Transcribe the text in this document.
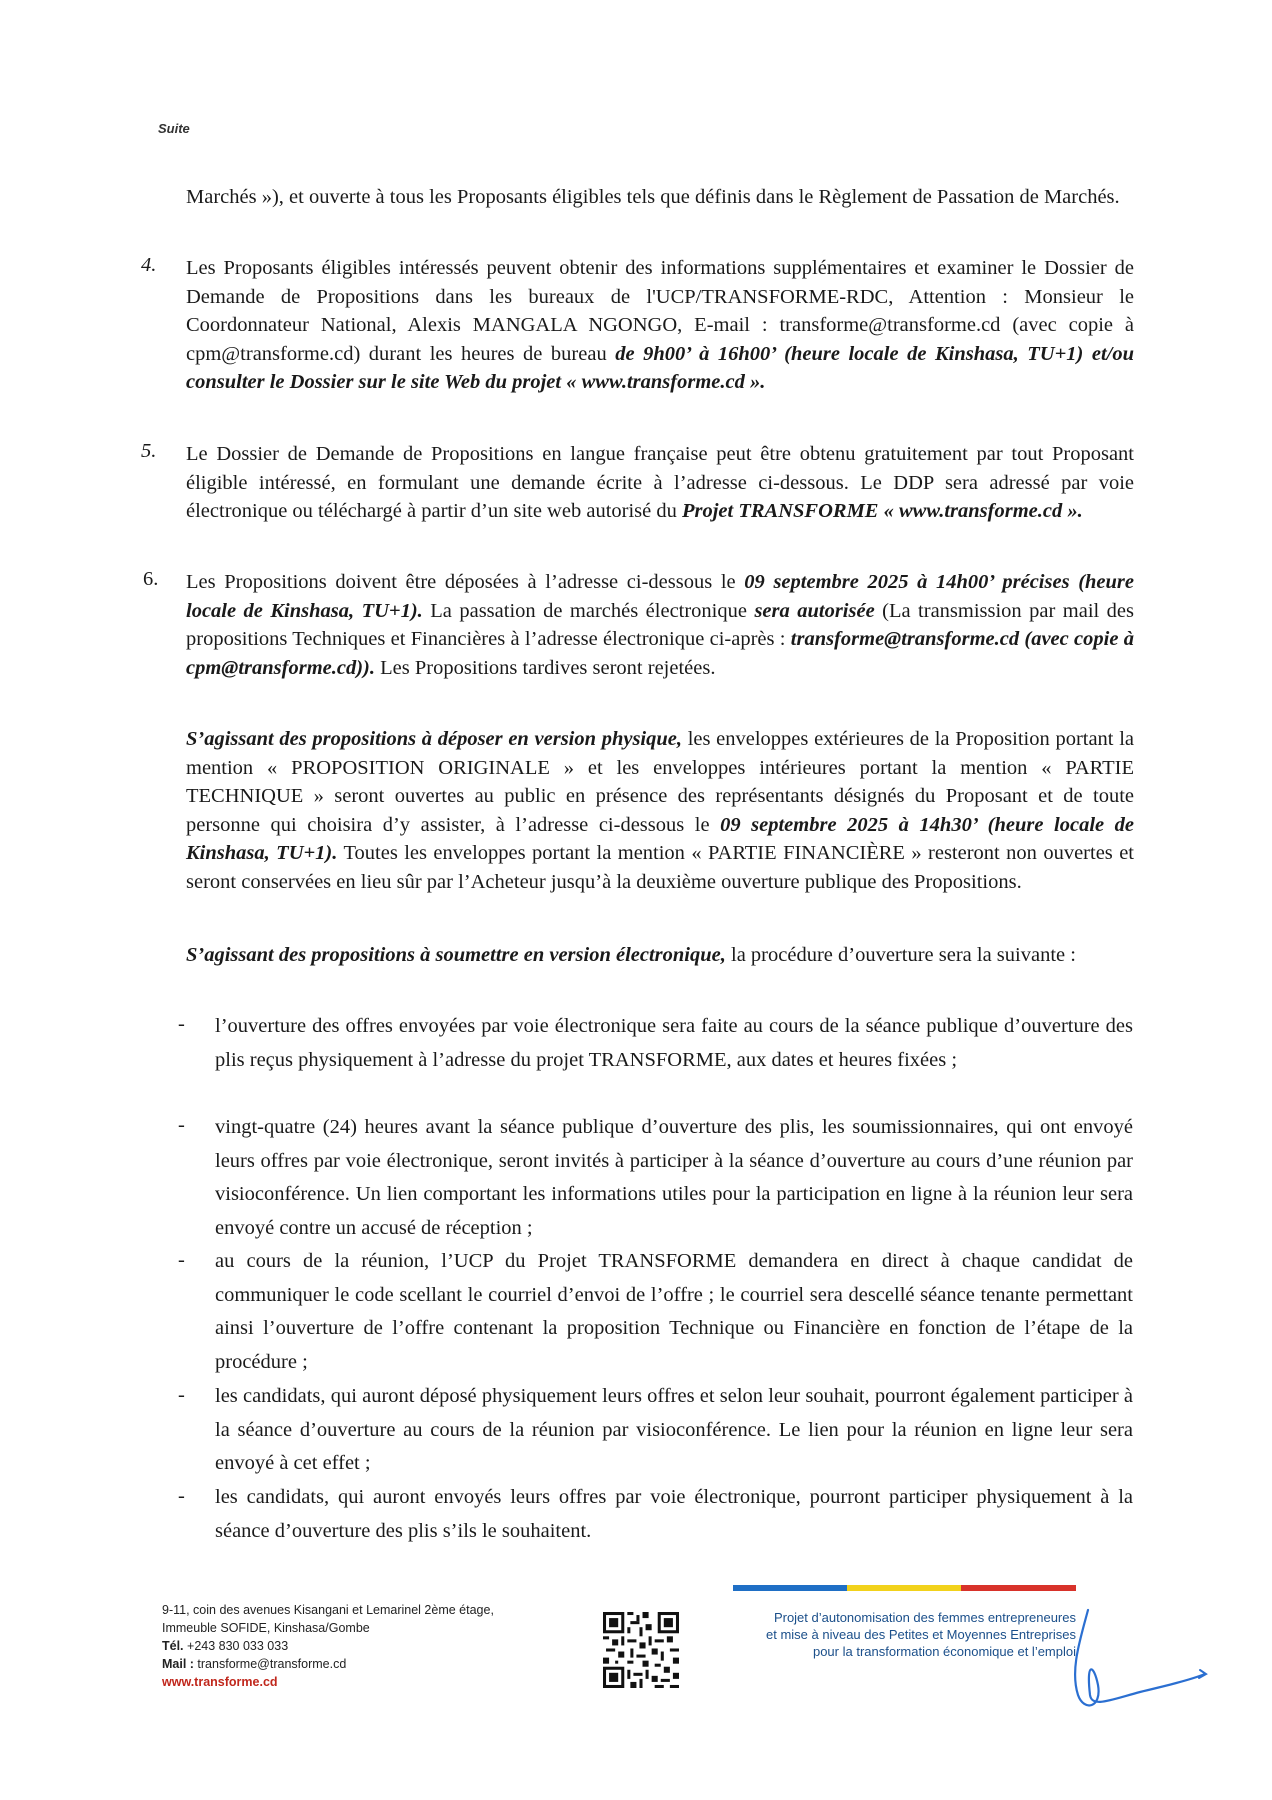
Suite
Marchés »), et ouverte à tous les Proposants éligibles tels que définis dans le Règlement de Passation de Marchés.
4. Les Proposants éligibles intéressés peuvent obtenir des informations supplémentaires et examiner le Dossier de Demande de Propositions dans les bureaux de l'UCP/TRANSFORME-RDC, Attention : Monsieur le Coordonnateur National, Alexis MANGALA NGONGO, E-mail : transforme@transforme.cd (avec copie à cpm@transforme.cd) durant les heures de bureau de 9h00’ à 16h00’ (heure locale de Kinshasa, TU+1) et/ou consulter le Dossier sur le site Web du projet « www.transforme.cd ».
5. Le Dossier de Demande de Propositions en langue française peut être obtenu gratuitement par tout Proposant éligible intéressé, en formulant une demande écrite à l’adresse ci-dessous. Le DDP sera adressé par voie électronique ou téléchargé à partir d’un site web autorisé du Projet TRANSFORME « www.transforme.cd ».
6. Les Propositions doivent être déposées à l’adresse ci-dessous le 09 septembre 2025 à 14h00’ précises (heure locale de Kinshasa, TU+1). La passation de marchés électronique sera autorisée (La transmission par mail des propositions Techniques et Financières à l’adresse électronique ci-après : transforme@transforme.cd (avec copie à cpm@transforme.cd)). Les Propositions tardives seront rejetées.
S’agissant des propositions à déposer en version physique, les enveloppes extérieures de la Proposition portant la mention « PROPOSITION ORIGINALE » et les enveloppes intérieures portant la mention « PARTIE TECHNIQUE » seront ouvertes au public en présence des représentants désignés du Proposant et de toute personne qui choisira d’y assister, à l’adresse ci-dessous le 09 septembre 2025 à 14h30’ (heure locale de Kinshasa, TU+1). Toutes les enveloppes portant la mention « PARTIE FINANCIÈRE » resteront non ouvertes et seront conservées en lieu sûr par l’Acheteur jusqu’à la deuxième ouverture publique des Propositions.
S’agissant des propositions à soumettre en version électronique, la procédure d’ouverture sera la suivante :
- l’ouverture des offres envoyées par voie électronique sera faite au cours de la séance publique d’ouverture des plis reçus physiquement à l’adresse du projet TRANSFORME, aux dates et heures fixées ;
- vingt-quatre (24) heures avant la séance publique d’ouverture des plis, les soumissionnaires, qui ont envoyé leurs offres par voie électronique, seront invités à participer à la séance d’ouverture au cours d’une réunion par visioconférence. Un lien comportant les informations utiles pour la participation en ligne à la réunion leur sera envoyé contre un accusé de réception ;
- au cours de la réunion, l’UCP du Projet TRANSFORME demandera en direct à chaque candidat de communiquer le code scellant le courriel d’envoi de l’offre ; le courriel sera descellé séance tenante permettant ainsi l’ouverture de l’offre contenant la proposition Technique ou Financière en fonction de l’étape de la procédure ;
- les candidats, qui auront déposé physiquement leurs offres et selon leur souhait, pourront également participer à la séance d’ouverture au cours de la réunion par visioconférence. Le lien pour la réunion en ligne leur sera envoyé à cet effet ;
- les candidats, qui auront envoyés leurs offres par voie électronique, pourront participer physiquement à la séance d’ouverture des plis s’ils le souhaitent.
9-11, coin des avenues Kisangani et Lemarinel 2ème étage,
Immeuble SOFIDE, Kinshasa/Gombe
Tél. +243 830 033 033
Mail : transforme@transforme.cd
www.transforme.cd
Projet d’autonomisation des femmes entrepreneures
et mise à niveau des Petites et Moyennes Entreprises
pour la transformation économique et l’emploi
